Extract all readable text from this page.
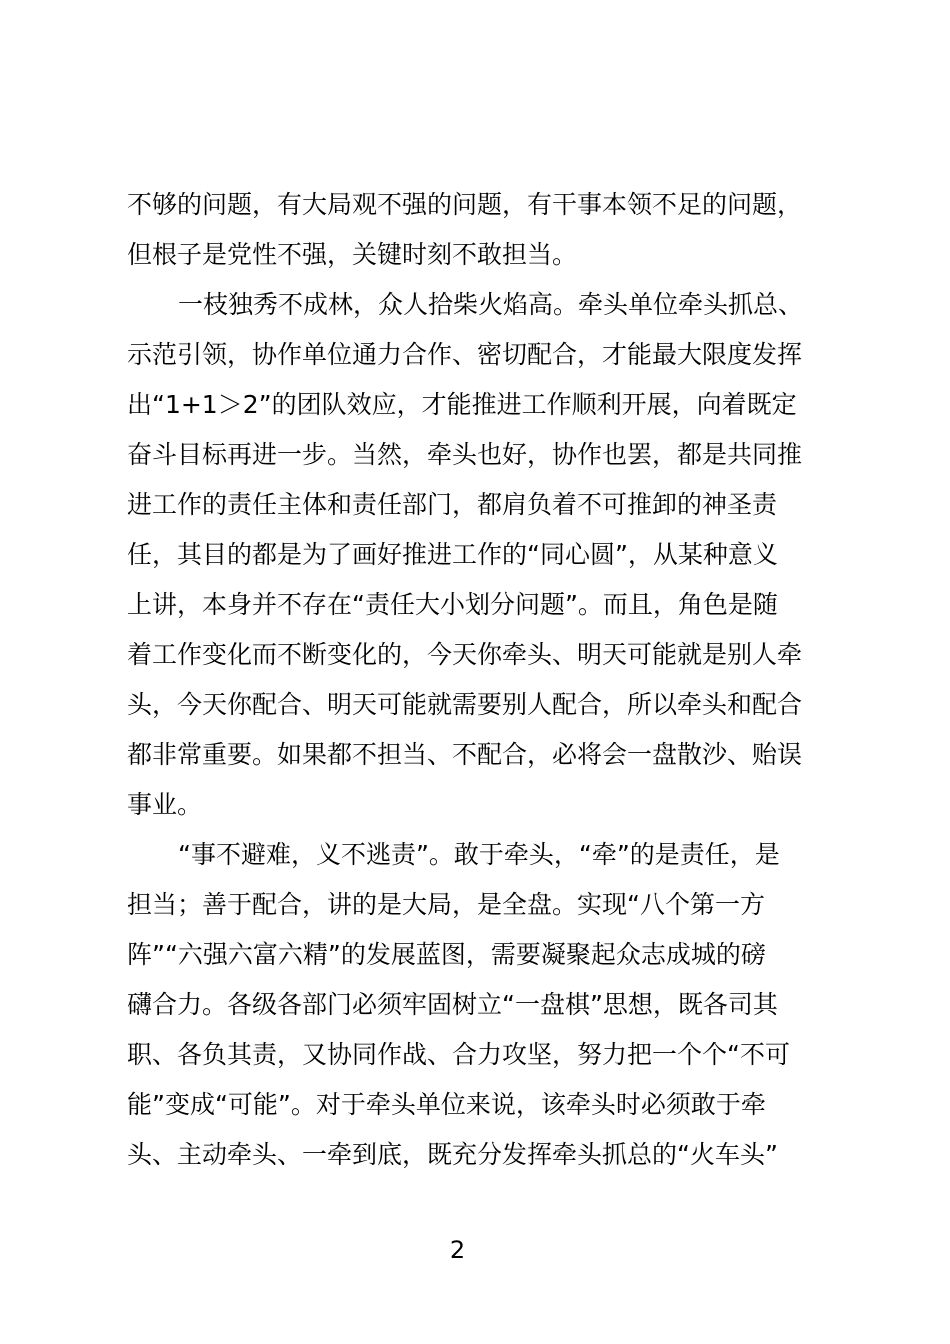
不够的问题，有大局观不强的问题，有干事本领不足的问题，
但根子是党性不强，关键时刻不敢担当。
一枝独秀不成林，众人拾柴火焰高。牵头单位牵头抓总、
示范引领，协作单位通力合作、密切配合，才能最大限度发挥
出“1+1＞2”的团队效应，才能推进工作顺利开展，向着既定
奋斗目标再进一步。当然，牵头也好，协作也罢，都是共同推
进工作的责任主体和责任部门，都肩负着不可推卸的神圣责
任，其目的都是为了画好推进工作的“同心圆”，从某种意义
上讲，本身并不存在“责任大小划分问题”。而且，角色是随
着工作变化而不断变化的，今天你牵头、明天可能就是别人牵
头，今天你配合、明天可能就需要别人配合，所以牵头和配合
都非常重要。如果都不担当、不配合，必将会一盘散沙、贻误
事业。
“事不避难，义不逃责”。敢于牵头，“牵”的是责任，是
担当；善于配合，讲的是大局，是全盘。实现“八个第一方
阵”“六强六富六精”的发展蓝图，需要凝聚起众志成城的磅
礴合力。各级各部门必须牢固树立“一盘棋”思想，既各司其
职、各负其责，又协同作战、合力攻坚，努力把一个个“不可
能”变成“可能”。对于牵头单位来说，该牵头时必须敢于牵
头、主动牵头、一牵到底，既充分发挥牵头抓总的“火车头”
2
